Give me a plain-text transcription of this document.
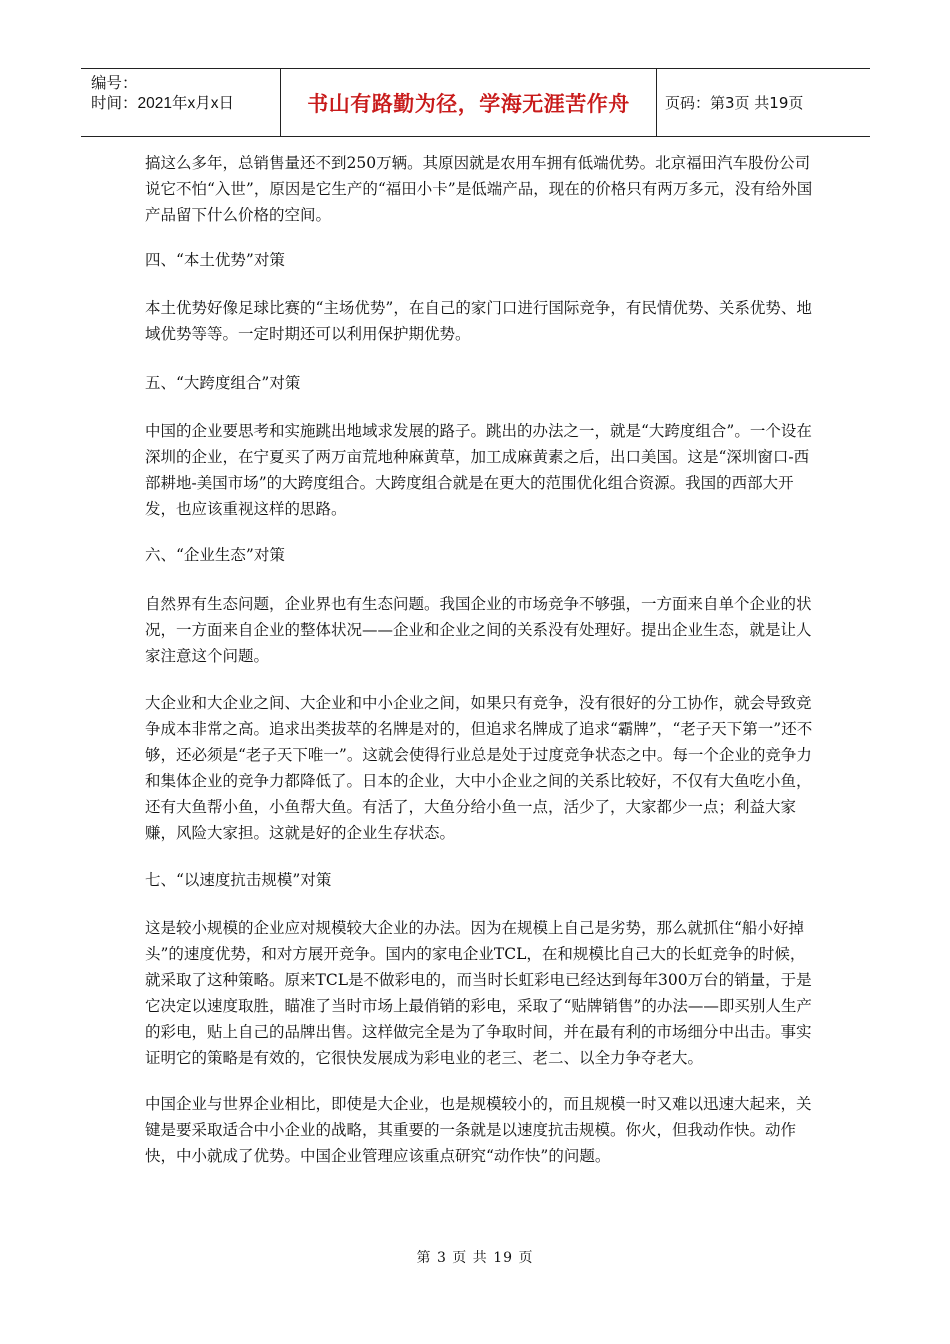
编号：
时间：2021年x月x日	书山有路勤为径，学海无涯苦作舟	页码：第3页 共19页

搞这么多年，总销售量还不到250万辆。其原因就是农用车拥有低端优势。北京福田汽车股份公司说它不怕“入世”，原因是它生产的“福田小卡”是低端产品，现在的价格只有两万多元，没有给外国产品留下什么价格的空间。

四、“本土优势”对策

本土优势好像足球比赛的“主场优势”，在自己的家门口进行国际竞争，有民情优势、关系优势、地域优势等等。一定时期还可以利用保护期优势。

五、“大跨度组合”对策

中国的企业要思考和实施跳出地域求发展的路子。跳出的办法之一，就是“大跨度组合”。一个设在深圳的企业，在宁夏买了两万亩荒地种麻黄草，加工成麻黄素之后，出口美国。这是“深圳窗口-西部耕地-美国市场”的大跨度组合。大跨度组合就是在更大的范围优化组合资源。我国的西部大开发，也应该重视这样的思路。

六、“企业生态”对策

自然界有生态问题，企业界也有生态问题。我国企业的市场竞争不够强，一方面来自单个企业的状况，一方面来自企业的整体状况——企业和企业之间的关系没有处理好。提出企业生态，就是让人家注意这个问题。

大企业和大企业之间、大企业和中小企业之间，如果只有竞争，没有很好的分工协作，就会导致竞争成本非常之高。追求出类拔萃的名牌是对的，但追求名牌成了追求“霸牌”，“老子天下第一”还不够，还必须是“老子天下唯一”。这就会使得行业总是处于过度竞争状态之中。每一个企业的竞争力和集体企业的竞争力都降低了。日本的企业，大中小企业之间的关系比较好，不仅有大鱼吃小鱼，还有大鱼帮小鱼，小鱼帮大鱼。有活了，大鱼分给小鱼一点，活少了，大家都少一点；利益大家赚，风险大家担。这就是好的企业生存状态。

七、“以速度抗击规模”对策

这是较小规模的企业应对规模较大企业的办法。因为在规模上自己是劣势，那么就抓住“船小好掉头”的速度优势，和对方展开竞争。国内的家电企业TCL，在和规模比自己大的长虹竞争的时候，就采取了这种策略。原来TCL是不做彩电的，而当时长虹彩电已经达到每年300万台的销量，于是它决定以速度取胜，瞄准了当时市场上最俏销的彩电，采取了“贴牌销售”的办法——即买别人生产的彩电，贴上自己的品牌出售。这样做完全是为了争取时间，并在最有利的市场细分中出击。事实证明它的策略是有效的，它很快发展成为彩电业的老三、老二、以全力争夺老大。

中国企业与世界企业相比，即使是大企业，也是规模较小的，而且规模一时又难以迅速大起来，关键是要采取适合中小企业的战略，其重要的一条就是以速度抗击规模。你火，但我动作快。动作快，中小就成了优势。中国企业管理应该重点研究“动作快”的问题。

第 3 页 共 19 页
